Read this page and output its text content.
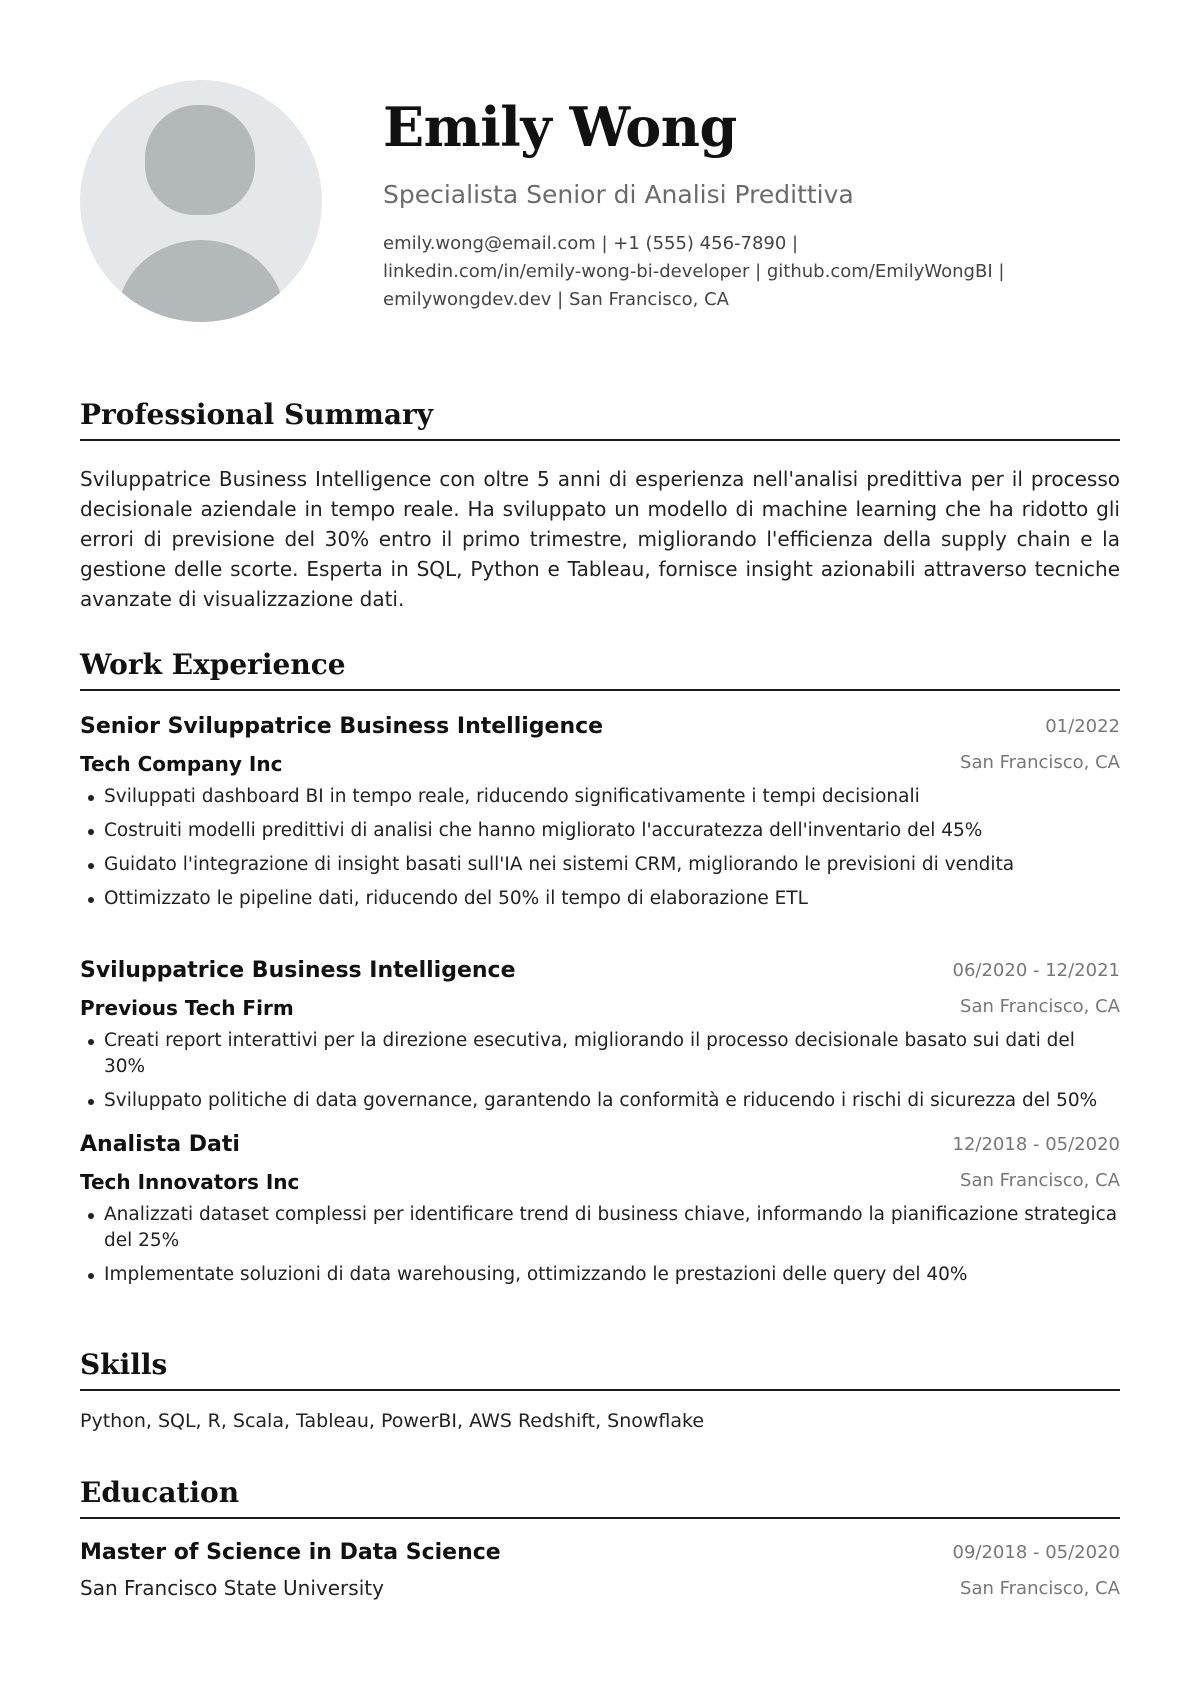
Emily Wong
Specialista Senior di Analisi Predittiva
emily.wong@email.com | +1 (555) 456-7890 |
linkedin.com/in/emily-wong-bi-developer | github.com/EmilyWongBI |
emilywongdev.dev | San Francisco, CA
Professional Summary
Sviluppatrice Business Intelligence con oltre 5 anni di esperienza nell'analisi predittiva per il processo decisionale aziendale in tempo reale. Ha sviluppato un modello di machine learning che ha ridotto gli errori di previsione del 30% entro il primo trimestre, migliorando l'efficienza della supply chain e la gestione delle scorte. Esperta in SQL, Python e Tableau, fornisce insight azionabili attraverso tecniche avanzate di visualizzazione dati.
Work Experience
Senior Sviluppatrice Business Intelligence	01/2022
Tech Company Inc	San Francisco, CA
Sviluppati dashboard BI in tempo reale, riducendo significativamente i tempi decisionali
Costruiti modelli predittivi di analisi che hanno migliorato l'accuratezza dell'inventario del 45%
Guidato l'integrazione di insight basati sull'IA nei sistemi CRM, migliorando le previsioni di vendita
Ottimizzato le pipeline dati, riducendo del 50% il tempo di elaborazione ETL
Sviluppatrice Business Intelligence	06/2020 - 12/2021
Previous Tech Firm	San Francisco, CA
Creati report interattivi per la direzione esecutiva, migliorando il processo decisionale basato sui dati del 30%
Sviluppato politiche di data governance, garantendo la conformità e riducendo i rischi di sicurezza del 50%
Analista Dati	12/2018 - 05/2020
Tech Innovators Inc	San Francisco, CA
Analizzati dataset complessi per identificare trend di business chiave, informando la pianificazione strategica del 25%
Implementate soluzioni di data warehousing, ottimizzando le prestazioni delle query del 40%
Skills
Python, SQL, R, Scala, Tableau, PowerBI, AWS Redshift, Snowflake
Education
Master of Science in Data Science	09/2018 - 05/2020
San Francisco State University	San Francisco, CA
